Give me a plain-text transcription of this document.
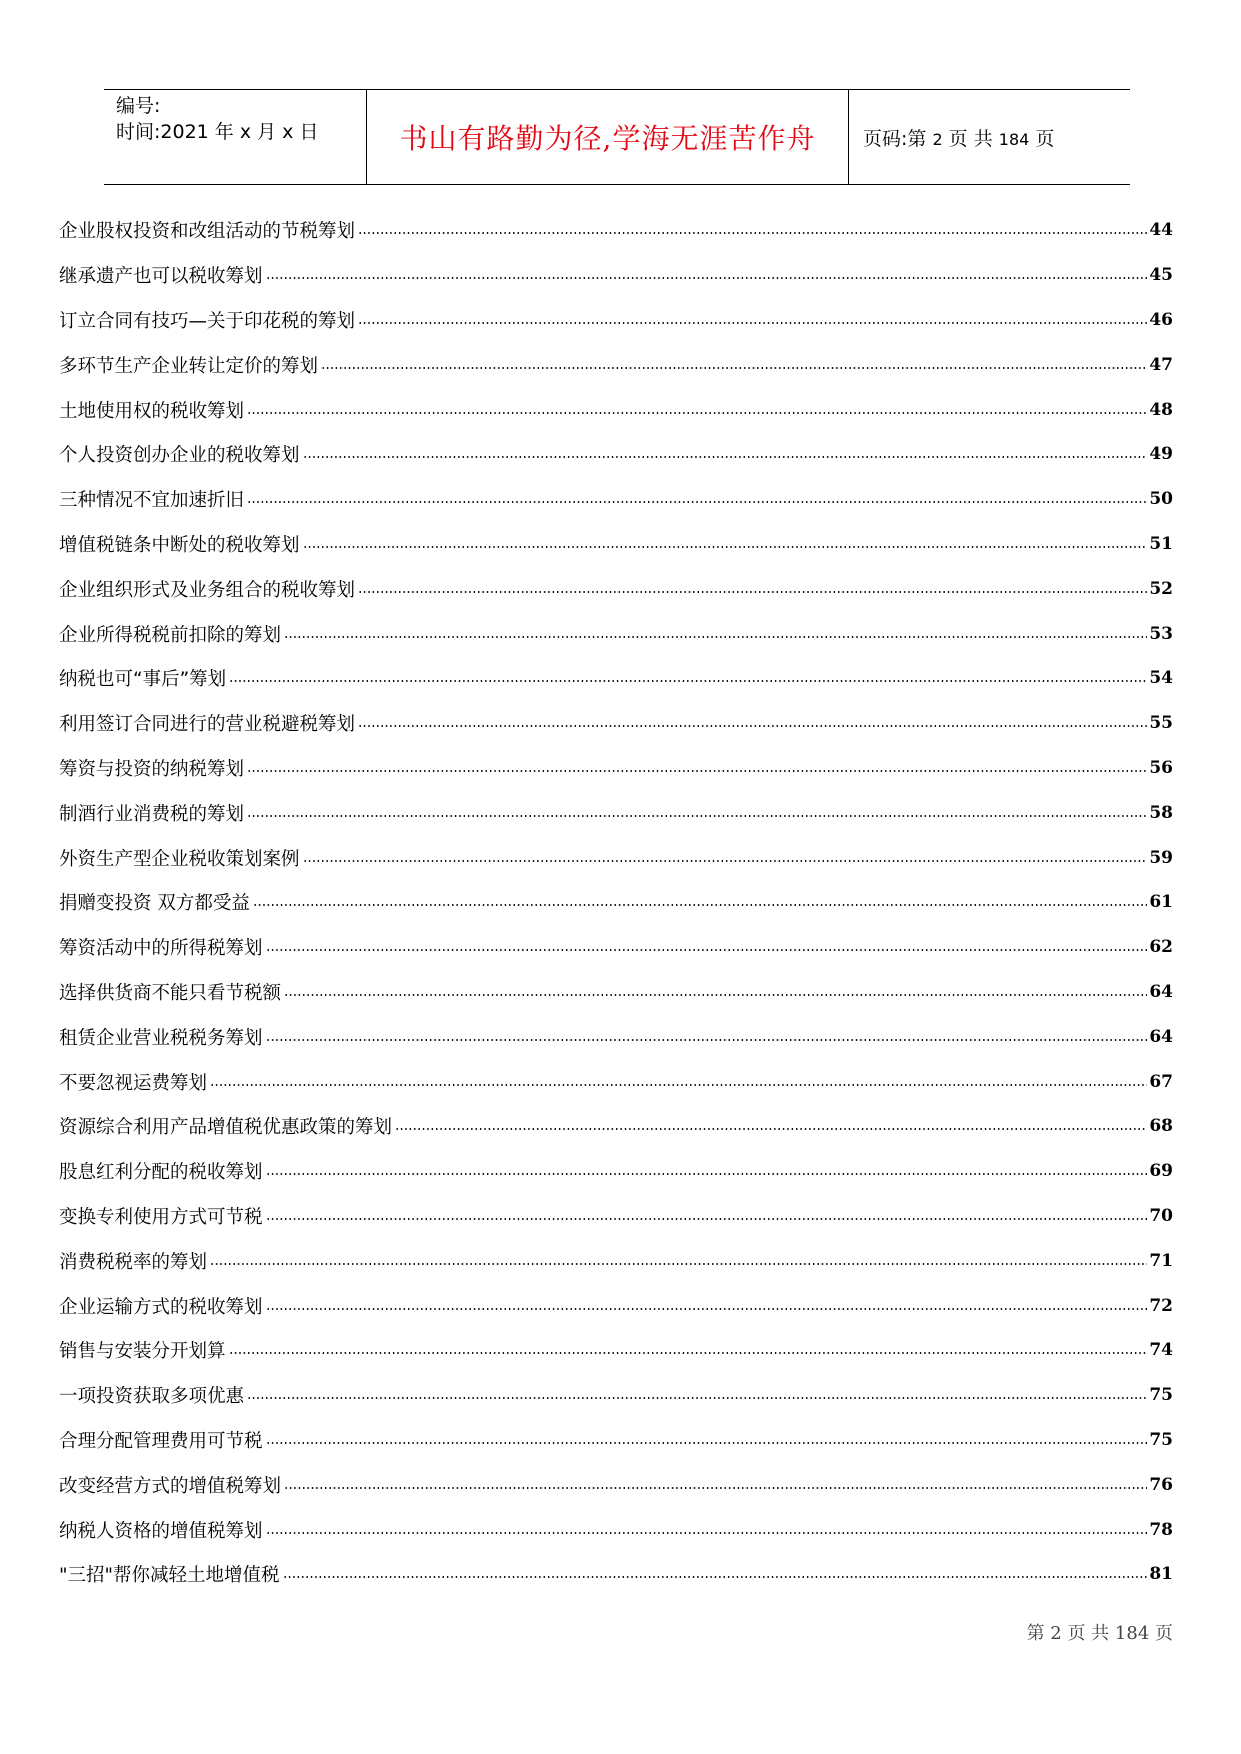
编号:
时间:2021 年 x 月 x 日	书山有路勤为径,学海无涯苦作舟	页码:第 2 页 共 184 页
企业股权投资和改组活动的节税筹划	44
继承遗产也可以税收筹划	45
订立合同有技巧—关于印花税的筹划	46
多环节生产企业转让定价的筹划	47
土地使用权的税收筹划	48
个人投资创办企业的税收筹划	49
三种情况不宜加速折旧	50
增值税链条中断处的税收筹划	51
企业组织形式及业务组合的税收筹划	52
企业所得税税前扣除的筹划	53
纳税也可“事后”筹划	54
利用签订合同进行的营业税避税筹划	55
筹资与投资的纳税筹划	56
制酒行业消费税的筹划	58
外资生产型企业税收策划案例	59
捐赠变投资 双方都受益	61
筹资活动中的所得税筹划	62
选择供货商不能只看节税额	64
租赁企业营业税税务筹划	64
不要忽视运费筹划	67
资源综合利用产品增值税优惠政策的筹划	68
股息红利分配的税收筹划	69
变换专利使用方式可节税	70
消费税税率的筹划	71
企业运输方式的税收筹划	72
销售与安装分开划算	74
一项投资获取多项优惠	75
合理分配管理费用可节税	75
改变经营方式的增值税筹划	76
纳税人资格的增值税筹划	78
"三招"帮你减轻土地增值税	81
第 2 页 共 184 页
